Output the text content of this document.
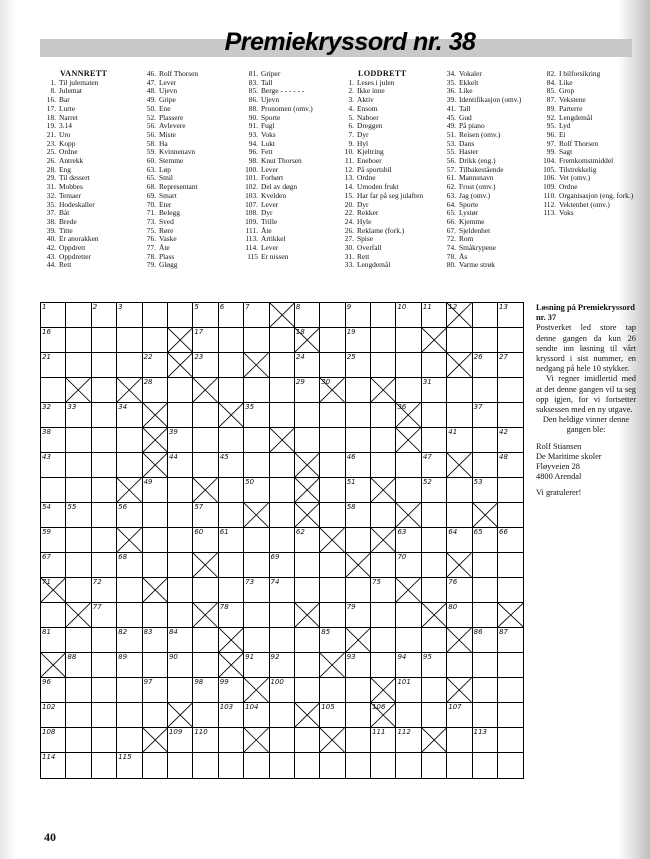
Premiekryssord nr. 38
VANNRETT
1. Til julematen
8. Julemat
16. Bar
17. Lurte
18. Narret
19. 3.14
21. Uro
23. Kopp
25. Ordne
26. Antrekk
28. Eng
29. Til dessert
31. Mobbes
32. Temaer
35. Hodeskaller
37. Båt
38. Brede
39. Titte
40. Er anorakken
42. Oppdrett
43. Oppdretter
44. Rett
46. Rolf Thorsen
47. Lever
48. Ujevn
49. Gripe
50. Ene
52. Plassere
56. Avlevere
56. Miste
58. Ha
59. Kvinnenavn
60. Stemme
63. Løp
65. Smil
68. Representant
69. Smart
70. Eter
71. Belegg
73. Sved
75. Røre
76. Vaske
77. Åte
78. Plass
79. Gløgg
81. Griper
83. Tall
85. Berge - - - - - -
86. Ujevn
88. Pronomen (omv.)
90. Sporte
91. Fugl
93. Voks
94. Lukt
96. Fett
98. Knut Thorsen
100. Lever
101. Forhørt
102. Del av døgn
103. Kvelden
107. Lever
108. Dyr
109. Trille
111. Åte
113. Artikkel
114. Lever
115 Er nissen
LODDRETT
1. Leses i julen
2. Ikke inne
3. Aktiv
4. Ensom
5. Naboer
6. Dreggen
7. Dyr
9. Hyl
10. Kjeltring
11. Eneboer
12. På sportsbil
13. Ordne
14. Umoden frukt
15. Har far på seg julaften
20. Dyr
22. Rekker
24. Hyle
26. Reklame (fork.)
27. Spise
30. Overfall
31. Rett
33. Lengdemål
34. Vokaler
35. Ekkelt
36. Like
39. Identifikasjon (omv.)
41. Tall
45. Gud
49. På piano
51. Reisen (omv.)
53. Dans
55. Haster
56. Drikk (eng.)
57. Tilbakestående
61. Mannsnavn
62. Frost (omv.)
63. Jag (omv.)
64. Sporte
65. Lystør
66. Kjemme
67. Sjeldenhet
72. Rom
74. Småkrypene
78. Ås
80. Varme strøk
82. I bilforsikring
84. Like
85. Grop
87. Vekstene
89. Parterre
92. Lengdemål
95. Lyd
96. Ei
97. Rolf Thorsen
99. Sagt
104. Fremkomstmiddel
105. Tilstrekkelig
106. Vet (omv.)
109. Ordne
110. Organisasjon (eng. fork.)
112. Vektenhet (omv.)
113. Voks
1	2	3	5	6	7	8	9	10 11 12	13
16	17	18	19
21	22	23	24	25	26 27
28	29 30	31
32 33	34	35	36	37
38	39	41	42
43	44	45	46	47	48
49	50	51	52	53
54 55	56	57	58
59	60 61	62	63	64 65 66
67	68	69	70
71	72	73 74	75	76
77	78	79	80
81	82 83 84	85	86 87
88	89	90	91 92	93	94 95
96	97	98 99	100	101
102	103 104	105	106	107
108	109 110	111 112	113
114	115

Løsning på Premiekryssord nr. 37

Postverket led store tap denne gangen da kun 26 sendte inn løsning til vårt kryssord i sist nummer, en nedgang på hele 10 stykker.

Vi regner imidlertid med at det denne gangen vil ta seg opp igjen, for vi fortsetter suksessen med en ny utgave.

Den heldige vinner denne gangen ble:

Rolf Stiansen

De Maritime skoler

Fløyveien 28

4800 Arendal

Vi gratulerer!

40
